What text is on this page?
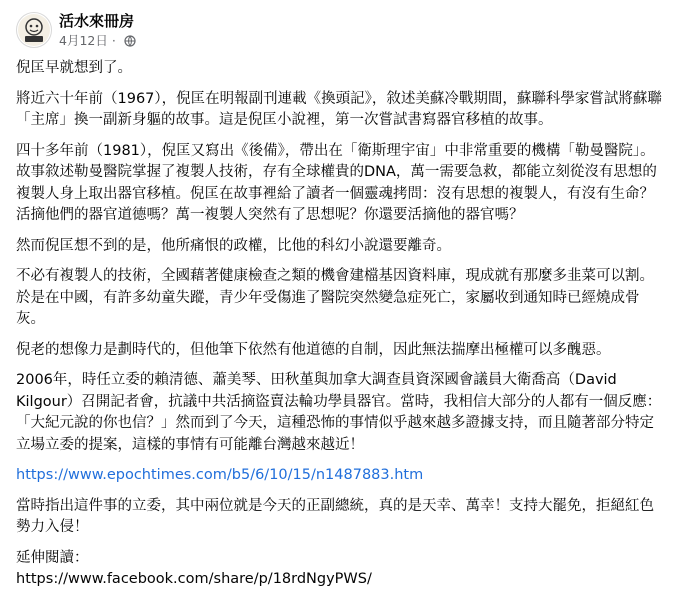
活水來冊房
4月12日 ·

倪匡早就想到了。

將近六十年前（1967），倪匡在明報副刊連載《換頭記》，敘述美蘇冷戰期間，蘇聯科學家嘗試將蘇聯「主席」換一副新身軀的故事。這是倪匡小說裡，第一次嘗試書寫器官移植的故事。

四十多年前（1981），倪匡又寫出《後備》，帶出在「衛斯理宇宙」中非常重要的機構「勒曼醫院」。故事敘述勒曼醫院掌握了複製人技術，存有全球權貴的DNA，萬一需要急救，都能立刻從沒有思想的複製人身上取出器官移植。倪匡在故事裡給了讀者一個靈魂拷問：沒有思想的複製人，有沒有生命？活摘他們的器官道德嗎？萬一複製人突然有了思想呢？你還要活摘他的器官嗎？

然而倪匡想不到的是，他所痛恨的政權，比他的科幻小說還要離奇。

不必有複製人的技術，全國藉著健康檢查之類的機會建檔基因資料庫，現成就有那麼多韭菜可以割。於是在中國，有許多幼童失蹤，青少年受傷進了醫院突然變急症死亡，家屬收到通知時已經燒成骨灰。

倪老的想像力是劃時代的，但他筆下依然有他道德的自制，因此無法揣摩出極權可以多醜惡。

2006年，時任立委的賴清德、蕭美琴、田秋堇與加拿大調查員資深國會議員大衛喬高（David Kilgour）召開記者會，抗議中共活摘盜賣法輪功學員器官。當時，我相信大部分的人都有一個反應：「大紀元說的你也信？」然而到了今天，這種恐怖的事情似乎越來越多證據支持，而且隨著部分特定立場立委的提案，這樣的事情有可能離台灣越來越近！

https://www.epochtimes.com/b5/6/10/15/n1487883.htm

當時指出這件事的立委，其中兩位就是今天的正副總統，真的是天幸、萬幸！支持大罷免，拒絕紅色勢力入侵！

延伸閱讀：

https://www.facebook.com/share/p/18rdNgyPWS/
